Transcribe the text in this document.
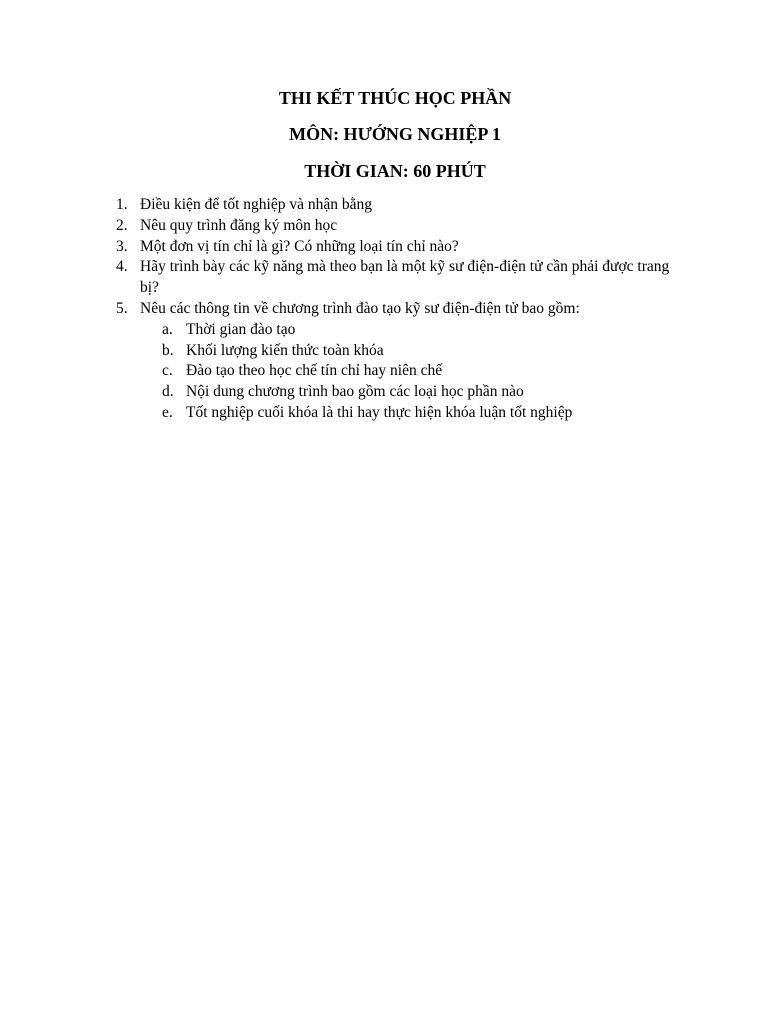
THI KẾT THÚC HỌC PHẦN

MÔN: HƯỚNG NGHIỆP 1

THỜI GIAN: 60 PHÚT

1. Điều kiện để tốt nghiệp và nhận bằng
2. Nêu quy trình đăng ký môn học
3. Một đơn vị tín chỉ là gì? Có những loại tín chỉ nào?
4. Hãy trình bày các kỹ năng mà theo bạn là một kỹ sư điện-điện tử cần phải được trang bị?
5. Nêu các thông tin về chương trình đào tạo kỹ sư điện-điện tử bao gồm:
a. Thời gian đào tạo
b. Khối lượng kiến thức toàn khóa
c. Đào tạo theo học chế tín chỉ hay niên chế
d. Nội dung chương trình bao gồm các loại học phần nào
e. Tốt nghiệp cuối khóa là thi hay thực hiện khóa luận tốt nghiệp
